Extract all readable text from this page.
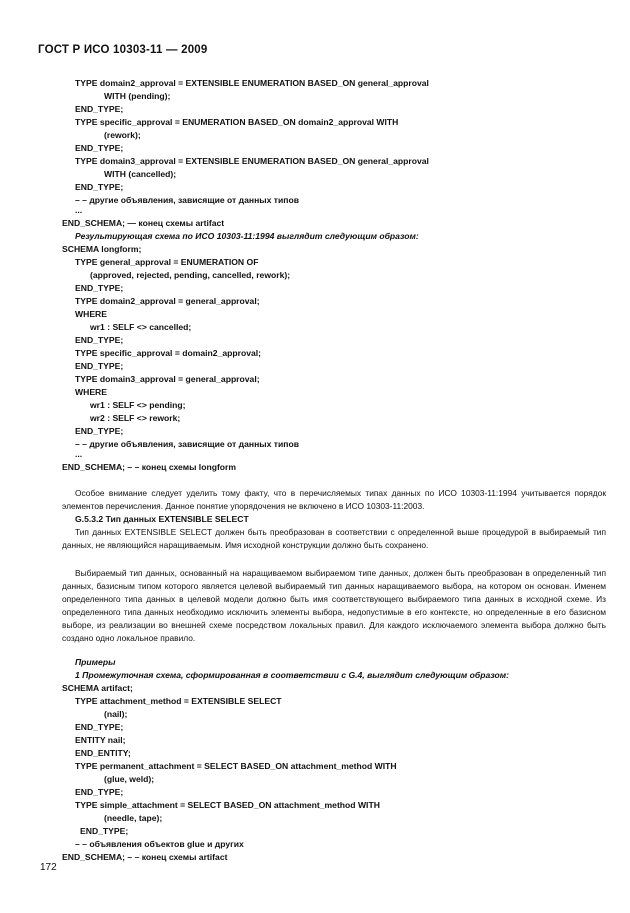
ГОСТ Р ИСО 10303-11 — 2009
TYPE domain2_approval = EXTENSIBLE ENUMERATION BASED_ON general_approval
WITH (pending);
END_TYPE;
TYPE specific_approval = ENUMERATION BASED_ON domain2_approval WITH
(rework);
END_TYPE;
TYPE domain3_approval = EXTENSIBLE ENUMERATION BASED_ON general_approval
WITH (cancelled);
END_TYPE;
– – другие объявления, зависящие от данных типов
...
END_SCHEMA; — конец схемы artifact
Результирующая схема по ИСО 10303-11:1994 выглядит следующим образом:
SCHEMA longform;
TYPE general_approval = ENUMERATION OF
(approved, rejected, pending, cancelled, rework);
END_TYPE;
TYPE domain2_approval = general_approval;
WHERE
wr1 : SELF <> cancelled;
END_TYPE;
TYPE specific_approval = domain2_approval;
END_TYPE;
TYPE domain3_approval = general_approval;
WHERE
wr1 : SELF <> pending;
wr2 : SELF <> rework;
END_TYPE;
– – другие объявления, зависящие от данных типов
...
END_SCHEMA; – – конец схемы longform
Особое внимание следует уделить тому факту, что в перечисляемых типах данных по ИСО 10303-11:1994 учитывается порядок элементов перечисления. Данное понятие упорядочения не включено в ИСО 10303-11:2003.
G.5.3.2 Тип данных EXTENSIBLE SELECT
Тип данных EXTENSIBLE SELECT должен быть преобразован в соответствии с определенной выше процедурой в выбираемый тип данных, не являющийся наращиваемым. Имя исходной конструкции должно быть сохранено.
Выбираемый тип данных, основанный на наращиваемом выбираемом типе данных, должен быть преобразован в определенный тип данных, базисным типом которого является целевой выбираемый тип данных наращиваемого выбора, на котором он основан. Именем определенного типа данных в целевой модели должно быть имя соответствующего выбираемого типа данных в исходной схеме. Из определенного типа данных необходимо исключить элементы выбора, недопустимые в его контексте, но определенные в его базисном выборе, из реализации во внешней схеме посредством локальных правил. Для каждого исключаемого элемента выбора должно быть создано одно локальное правило.
Примеры
1 Промежуточная схема, сформированная в соответствии с G.4, выглядит следующим образом:
SCHEMA artifact;
TYPE attachment_method = EXTENSIBLE SELECT
(nail);
END_TYPE;
ENTITY nail;
END_ENTITY;
TYPE permanent_attachment = SELECT BASED_ON attachment_method WITH
(glue, weld);
END_TYPE;
TYPE simple_attachment = SELECT BASED_ON attachment_method WITH
(needle, tape);
END_TYPE;
– – объявления объектов glue и других
END_SCHEMA; – – конец схемы artifact
172
